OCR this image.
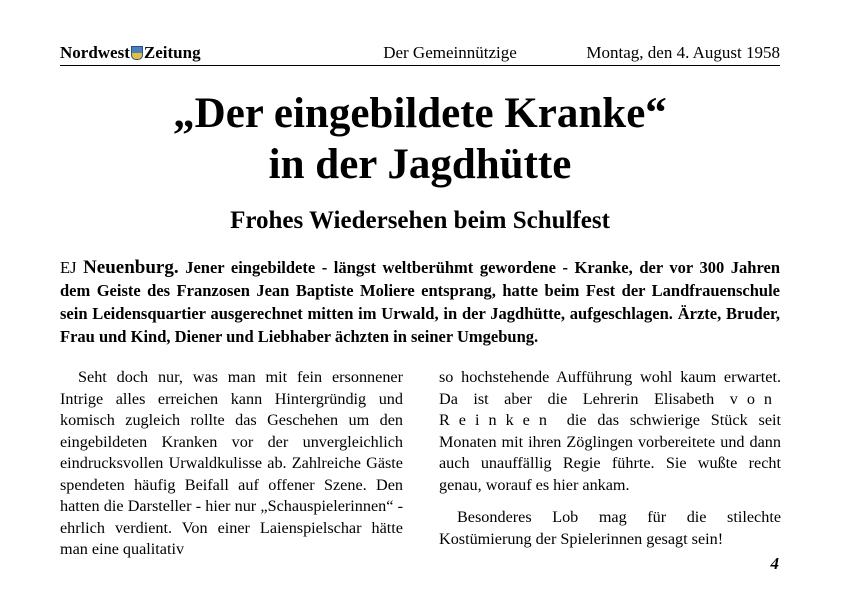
Nordwest Zeitung	Der Gemeinnützige	Montag, den 4. August 1958
„Der eingebildete Kranke“
in der Jagdhütte
Frohes Wiedersehen beim Schulfest

EJ Neuenburg. Jener eingebildete - längst weltberühmt gewordene - Kranke, der vor 300 Jahren dem Geiste des Franzosen Jean Baptiste Moliere entsprang, hatte beim Fest der Landfrauenschule sein Leidensquartier ausgerechnet mitten im Urwald, in der Jagdhütte, aufgeschlagen. Ärzte, Bruder, Frau und Kind, Diener und Liebhaber ächzten in seiner Umgebung.

Seht doch nur, was man mit fein ersonnener Intrige alles erreichen kann Hintergründig und komisch zugleich rollte das Geschehen um den eingebildeten Kranken vor der unvergleichlich eindrucksvollen Urwaldkulisse ab. Zahlreiche Gäste spendeten häufig Beifall auf offener Szene. Den hatten die Darsteller - hier nur „Schauspielerinnen“ - ehrlich verdient. Von einer Laienspielschar hätte man eine qualitativ

so hochstehende Aufführung wohl kaum erwartet. Da ist aber die Lehrerin Elisabeth von Reinken die das schwierige Stück seit Monaten mit ihren Zöglingen vorbereitete und dann auch unauffällig Regie führte. Sie wußte recht genau, worauf es hier ankam.

Besonderes Lob mag für die stilechte Kostümierung der Spielerinnen gesagt sein!

4
